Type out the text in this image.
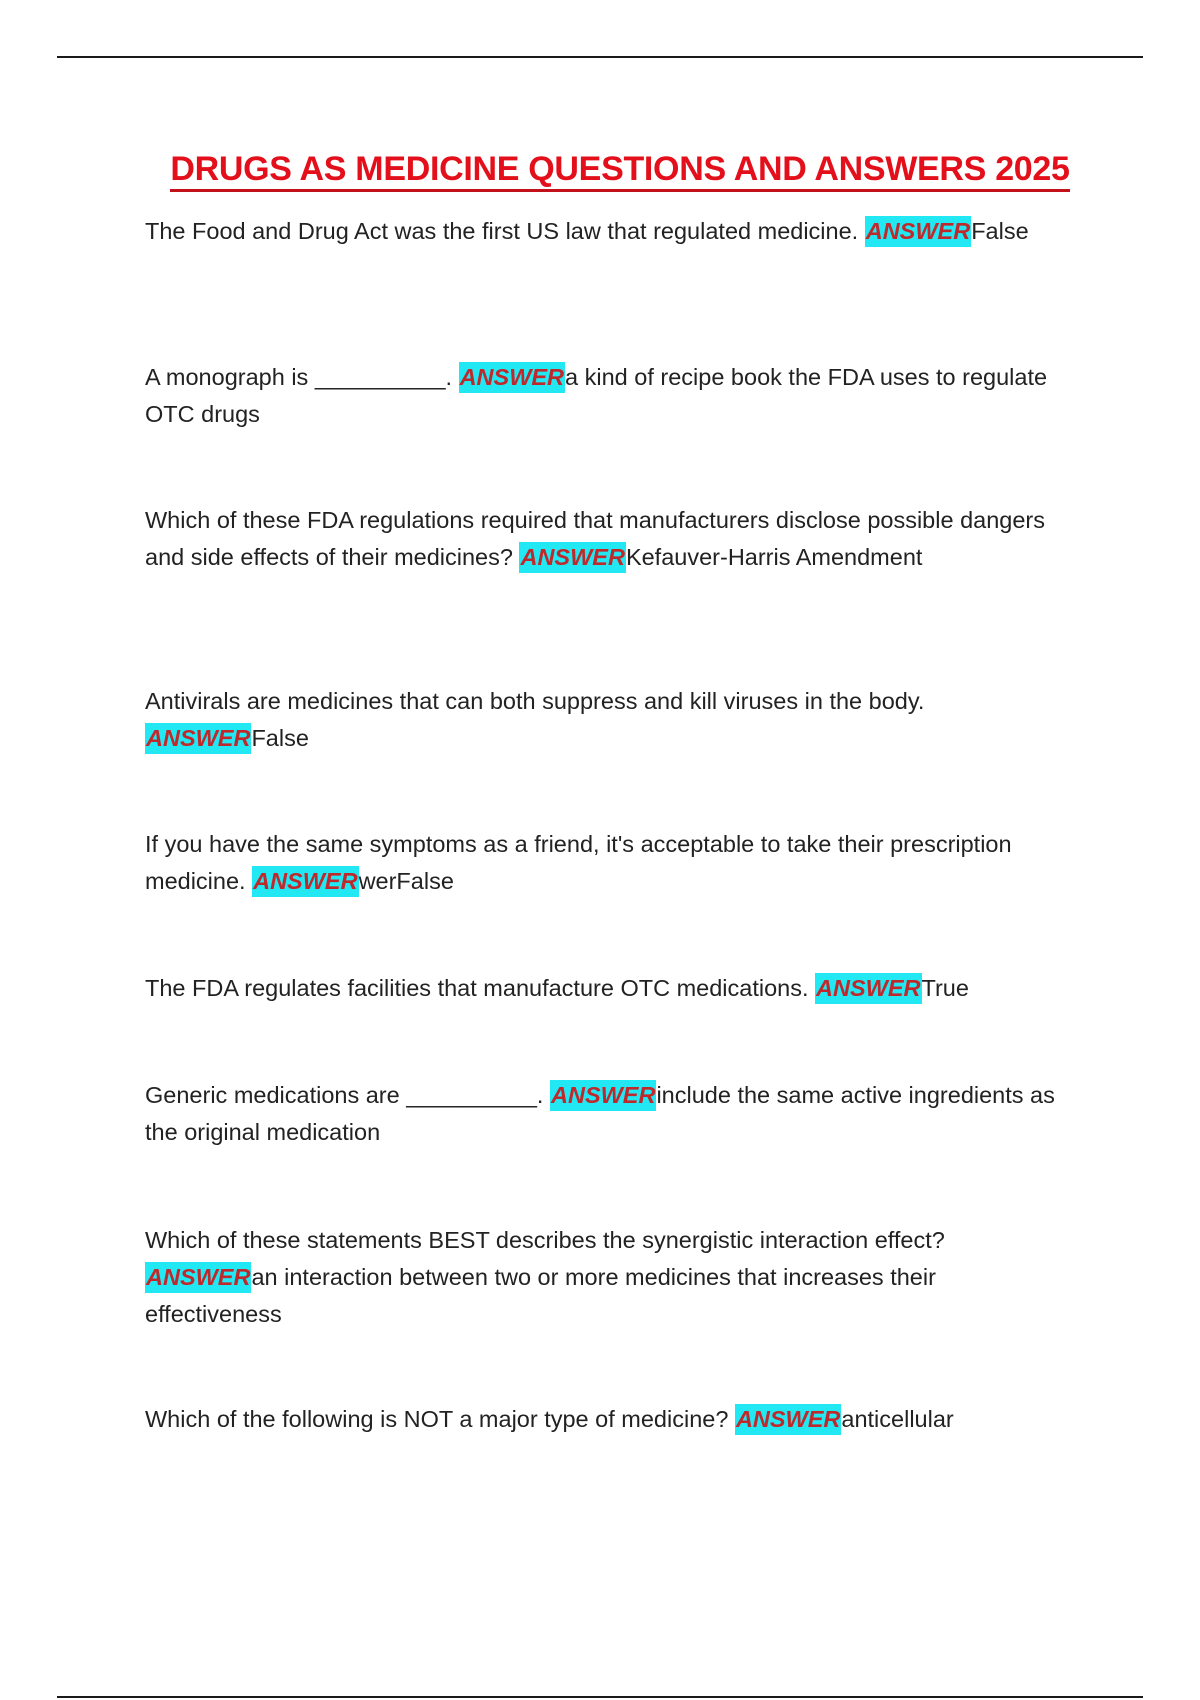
DRUGS AS MEDICINE QUESTIONS AND ANSWERS 2025

The Food and Drug Act was the first US law that regulated medicine. ANSWERFalse

A monograph is __________. ANSWERa kind of recipe book the FDA uses to regulate OTC drugs

Which of these FDA regulations required that manufacturers disclose possible dangers and side effects of their medicines? ANSWERKefauver-Harris Amendment

Antivirals are medicines that can both suppress and kill viruses in the body. ANSWERFalse

If you have the same symptoms as a friend, it's acceptable to take their prescription medicine. ANSWERwerFalse

The FDA regulates facilities that manufacture OTC medications. ANSWERTrue

Generic medications are __________. ANSWERinclude the same active ingredients as the original medication

Which of these statements BEST describes the synergistic interaction effect? ANSWERan interaction between two or more medicines that increases their effectiveness

Which of the following is NOT a major type of medicine? ANSWERanticellular
